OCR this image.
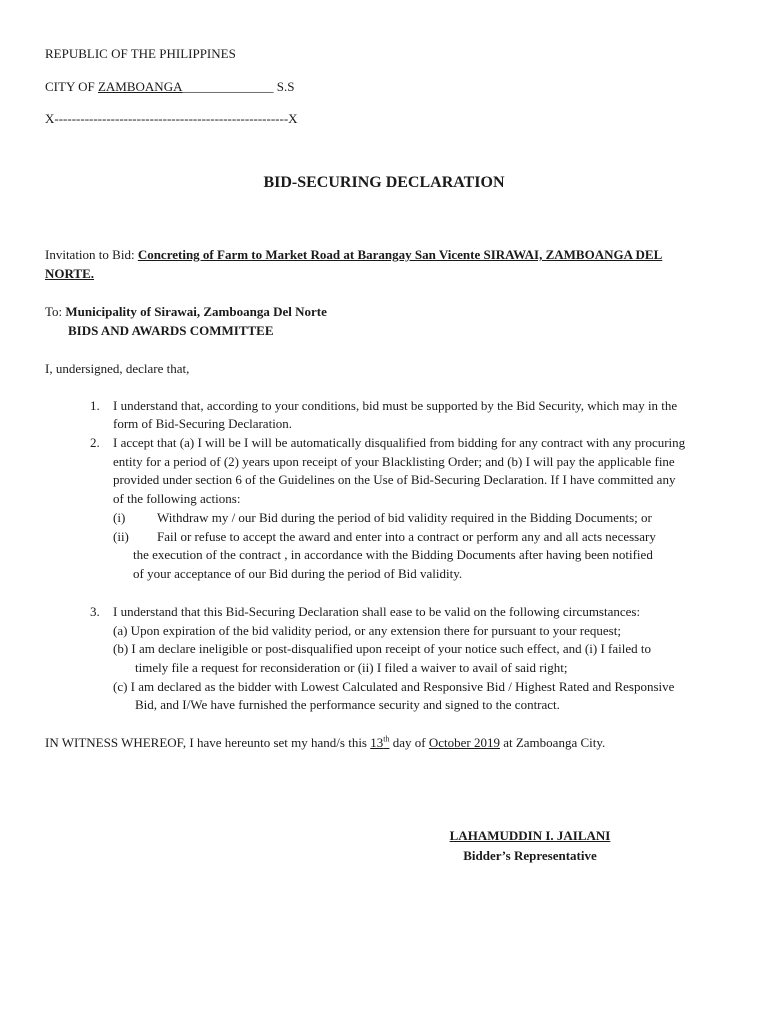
REPUBLIC OF THE PHILIPPINES
CITY OF ZAMBOANGA______________ S.S
X------------------------------------------------------X
BID-SECURING DECLARATION
Invitation to Bid: Concreting of Farm to Market Road at Barangay San Vicente SIRAWAI, ZAMBOANGA DEL
NORTE.
To: Municipality of Sirawai, Zamboanga Del Norte
BIDS AND AWARDS COMMITTEE
I, undersigned, declare that,
1. I understand that, according to your conditions, bid must be supported by the Bid Security, which may in the
form of Bid-Securing Declaration.
2. I accept that (a) I will be I will be automatically disqualified from bidding for any contract with any procuring
entity for a period of (2) years upon receipt of your Blacklisting Order; and (b) I will pay the applicable fine
provided under section 6 of the Guidelines on the Use of Bid-Securing Declaration. If I have committed any
of the following actions:
(i) Withdraw my / our Bid during the period of bid validity required in the Bidding Documents; or
(ii) Fail or refuse to accept the award and enter into a contract or perform any and all acts necessary
the execution of the contract , in accordance with the Bidding Documents after having been notified
of your acceptance of our Bid during the period of Bid validity.
3. I understand that this Bid-Securing Declaration shall ease to be valid on the following circumstances:
(a) Upon expiration of the bid validity period, or any extension there for pursuant to your request;
(b) I am declare ineligible or post-disqualified upon receipt of your notice such effect, and (i) I failed to
timely file a request for reconsideration or (ii) I filed a waiver to avail of said right;
(c) I am declared as the bidder with Lowest Calculated and Responsive Bid / Highest Rated and Responsive
Bid, and I/We have furnished the performance security and signed to the contract.
IN WITNESS WHEREOF, I have hereunto set my hand/s this 13th day of October 2019 at Zamboanga City.
LAHAMUDDIN I. JAILANI
Bidder’s Representative
